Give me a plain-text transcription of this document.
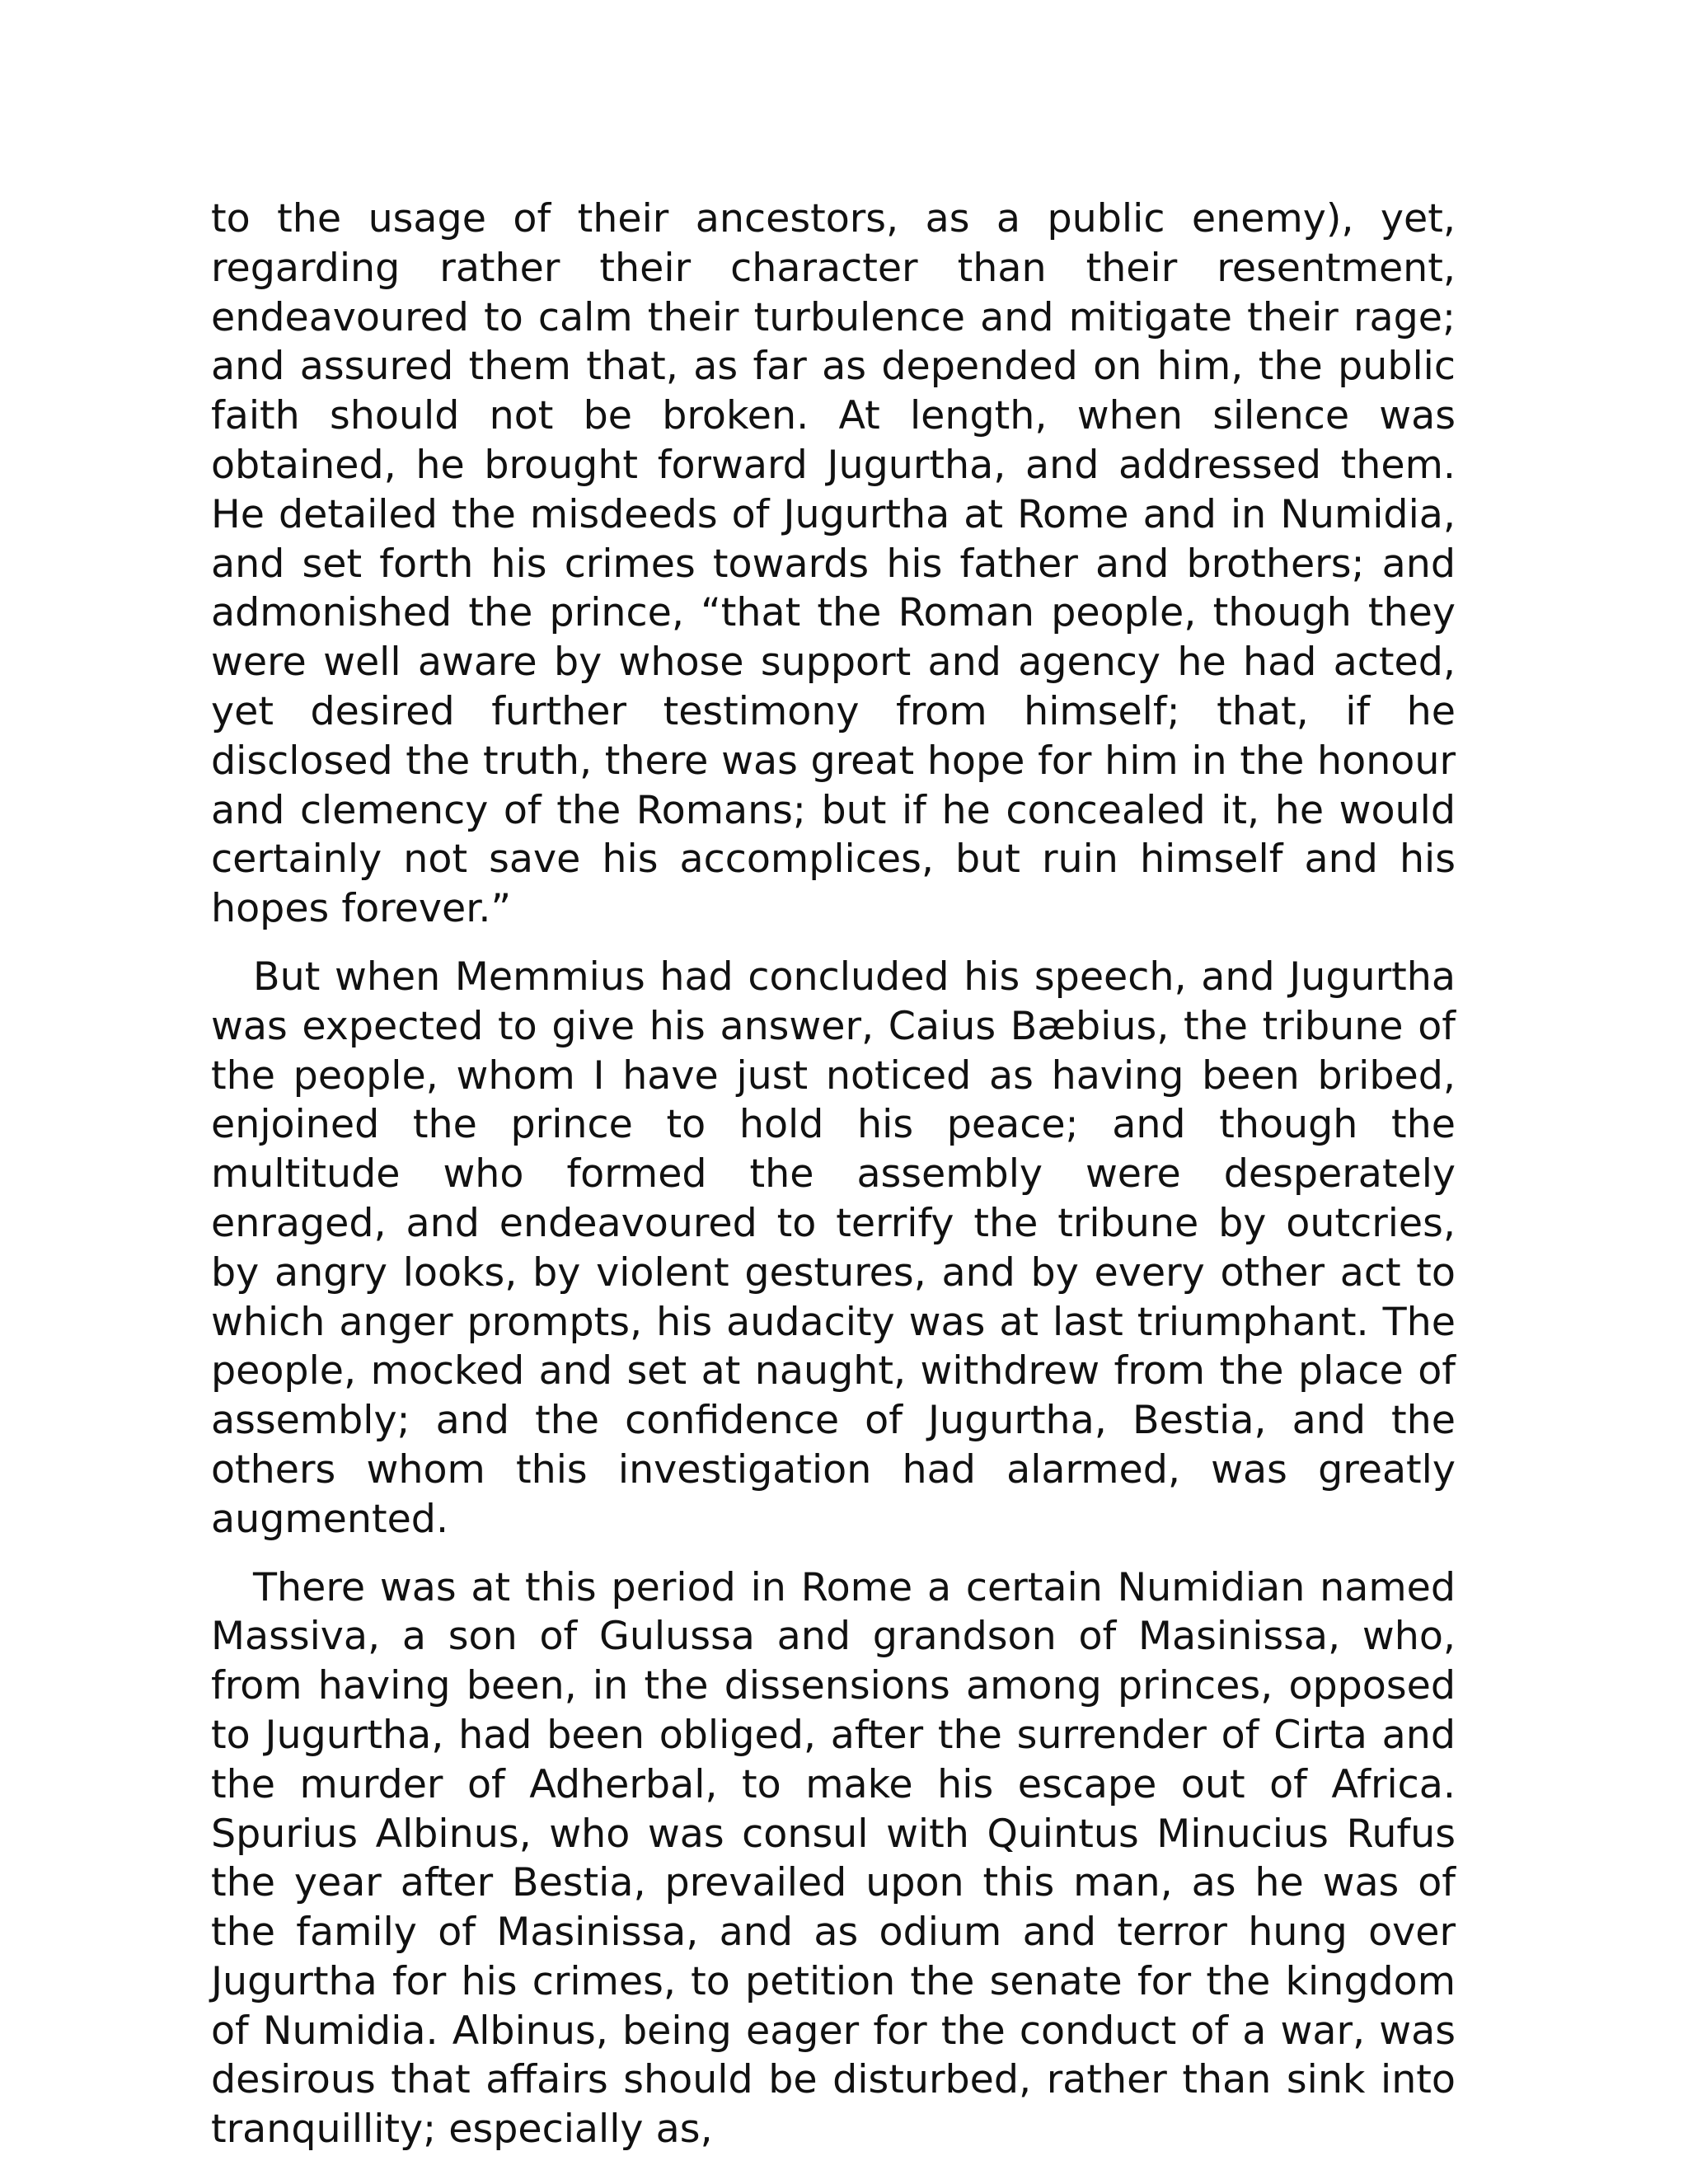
to the usage of their ancestors, as a public enemy), yet, regarding rather their character than their resentment, endeavoured to calm their turbulence and mitigate their rage; and assured them that, as far as depended on him, the public faith should not be broken. At length, when silence was obtained, he brought forward Jugurtha, and addressed them. He detailed the misdeeds of Jugurtha at Rome and in Numidia, and set forth his crimes towards his father and brothers; and admonished the prince, “that the Roman people, though they were well aware by whose support and agency he had acted, yet desired further testimony from himself; that, if he disclosed the truth, there was great hope for him in the honour and clemency of the Romans; but if he concealed it, he would certainly not save his accomplices, but ruin himself and his hopes forever.”

But when Memmius had concluded his speech, and Jugurtha was expected to give his answer, Caius Bæbius, the tribune of the people, whom I have just noticed as having been bribed, enjoined the prince to hold his peace; and though the multitude who formed the assembly were desperately enraged, and endeavoured to terrify the tribune by outcries, by angry looks, by violent gestures, and by every other act to which anger prompts, his audacity was at last triumphant. The people, mocked and set at naught, withdrew from the place of assembly; and the confidence of Jugurtha, Bestia, and the others whom this investigation had alarmed, was greatly augmented.

There was at this period in Rome a certain Numidian named Massiva, a son of Gulussa and grandson of Masinissa, who, from having been, in the dissensions among princes, opposed to Jugurtha, had been obliged, after the surrender of Cirta and the murder of Adherbal, to make his escape out of Africa. Spurius Albinus, who was consul with Quintus Minucius Rufus the year after Bestia, prevailed upon this man, as he was of the family of Masinissa, and as odium and terror hung over Jugurtha for his crimes, to petition the senate for the kingdom of Numidia. Albinus, being eager for the conduct of a war, was desirous that affairs should be disturbed, rather than sink into tranquillity; especially as,
